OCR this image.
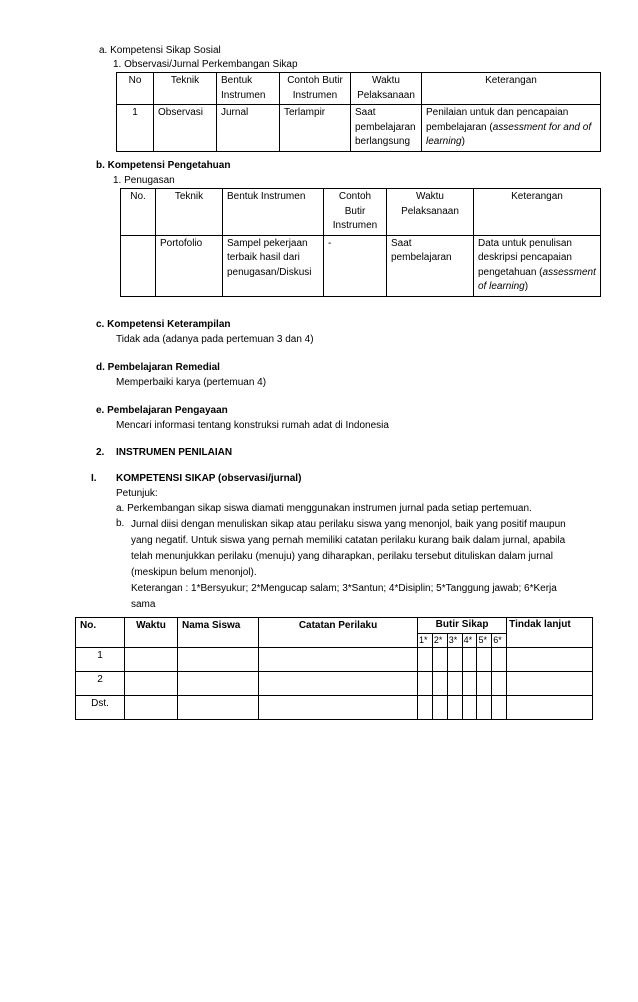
a. Kompetensi Sikap Sosial
1. Observasi/Jurnal Perkembangan Sikap
No	Teknik	Bentuk Instrumen	Contoh Butir Instrumen	Waktu Pelaksanaan	Keterangan
1	Observasi	Jurnal	Terlampir	Saat pembelajaran berlangsung	Penilaian untuk dan pencapaian pembelajaran (assessment for and of learning)
b. Kompetensi Pengetahuan
1. Penugasan
No.	Teknik	Bentuk Instrumen	Contoh Butir Instrumen	Waktu Pelaksanaan	Keterangan
	Portofolio	Sampel pekerjaan terbaik hasil dari penugasan/Diskusi	-	Saat pembelajaran	Data untuk penulisan deskripsi pencapaian pengetahuan (assessment of learning)
c. Kompetensi Keterampilan
Tidak ada (adanya pada pertemuan 3 dan 4)
d. Pembelajaran Remedial
Memperbaiki karya (pertemuan 4)
e. Pembelajaran Pengayaan
Mencari informasi tentang konstruksi rumah adat di Indonesia
2. INSTRUMEN PENILAIAN
I. KOMPETENSI SIKAP (observasi/jurnal)
Petunjuk:
a. Perkembangan sikap siswa diamati menggunakan instrumen jurnal pada setiap pertemuan.
b. Jurnal diisi dengan menuliskan sikap atau perilaku siswa yang menonjol, baik yang positif maupun

yang negatif. Untuk siswa yang pernah memiliki catatan perilaku kurang baik dalam jurnal, apabila

telah menunjukkan perilaku (menuju) yang diharapkan, perilaku tersebut dituliskan dalam jurnal

(meskipun belum menonjol).

Keterangan : 1*Bersyukur; 2*Mengucap salam; 3*Santun; 4*Disiplin; 5*Tanggung jawab; 6*Kerja

sama

No.	Waktu	Nama Siswa	Catatan Perilaku	Butir Sikap						Tindak lanjut
				1*	2*	3*	4*	5*	6*	
1										
2										
Dst.										
